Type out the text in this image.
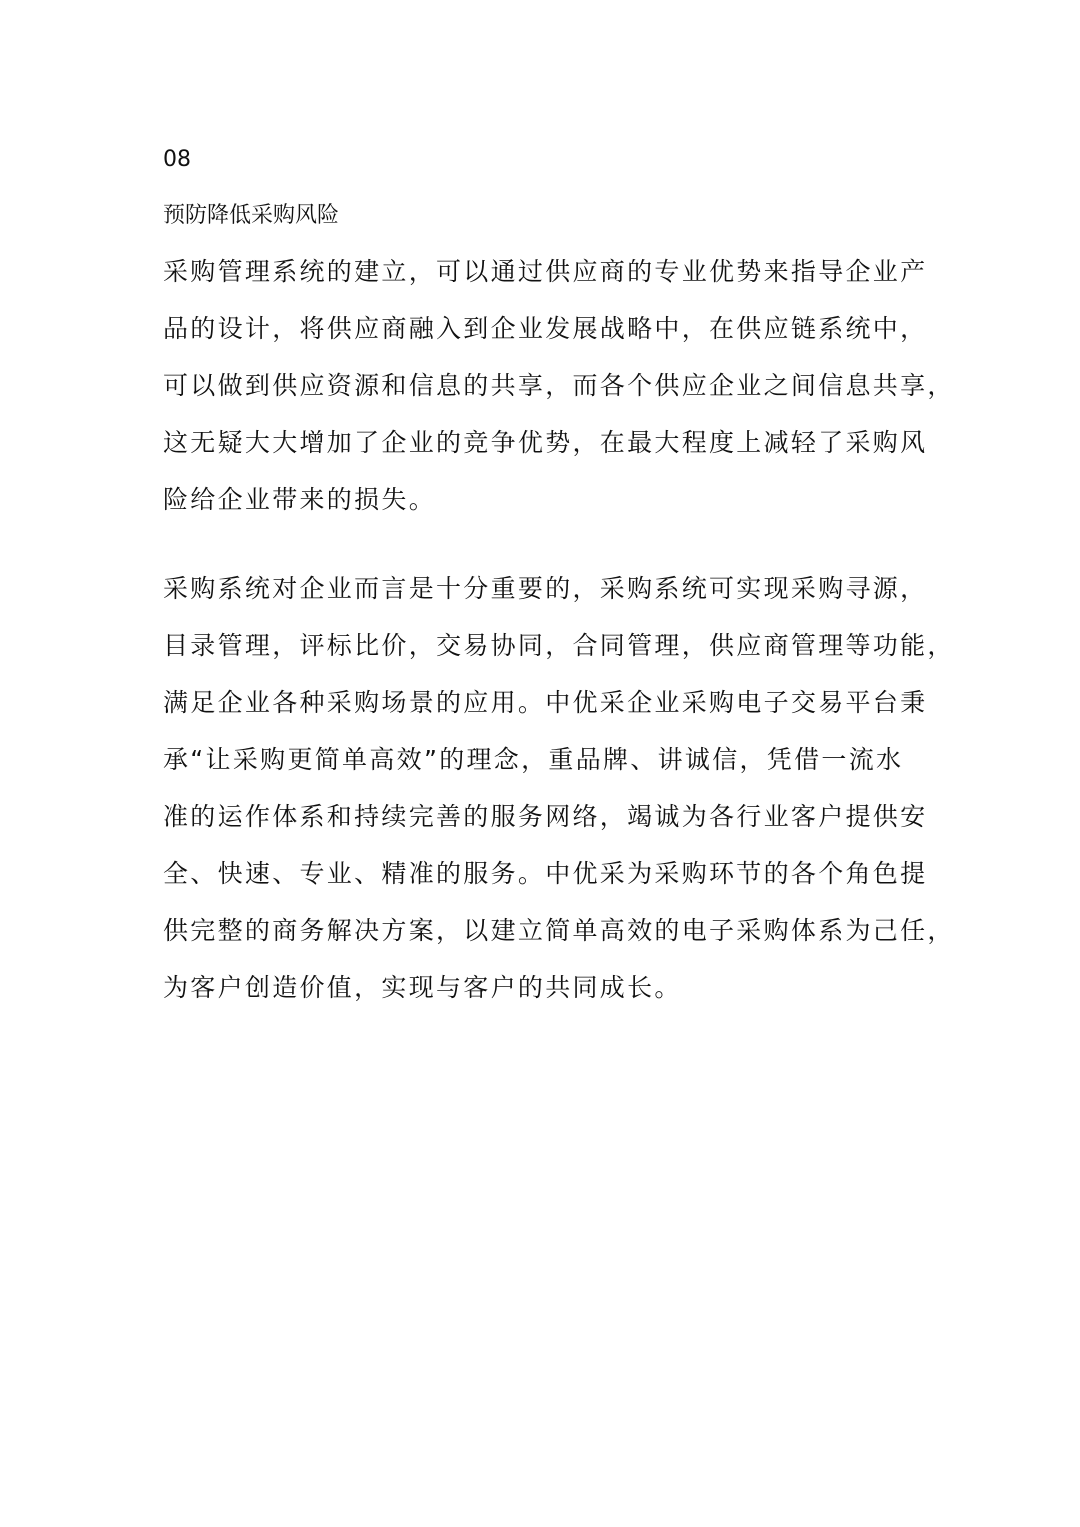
08

预防降低采购风险

采购管理系统的建立，可以通过供应商的专业优势来指导企业产

品的设计，将供应商融入到企业发展战略中，在供应链系统中，

可以做到供应资源和信息的共享，而各个供应企业之间信息共享，

这无疑大大增加了企业的竞争优势，在最大程度上减轻了采购风

险给企业带来的损失。

采购系统对企业而言是十分重要的，采购系统可实现采购寻源，

目录管理，评标比价，交易协同，合同管理，供应商管理等功能，

满足企业各种采购场景的应用。中优采企业采购电子交易平台秉

承“让采购更简单高效”的理念，重品牌、讲诚信，凭借一流水

准的运作体系和持续完善的服务网络，竭诚为各行业客户提供安

全、快速、专业、精准的服务。中优采为采购环节的各个角色提

供完整的商务解决方案，以建立简单高效的电子采购体系为己任，

为客户创造价值，实现与客户的共同成长。
